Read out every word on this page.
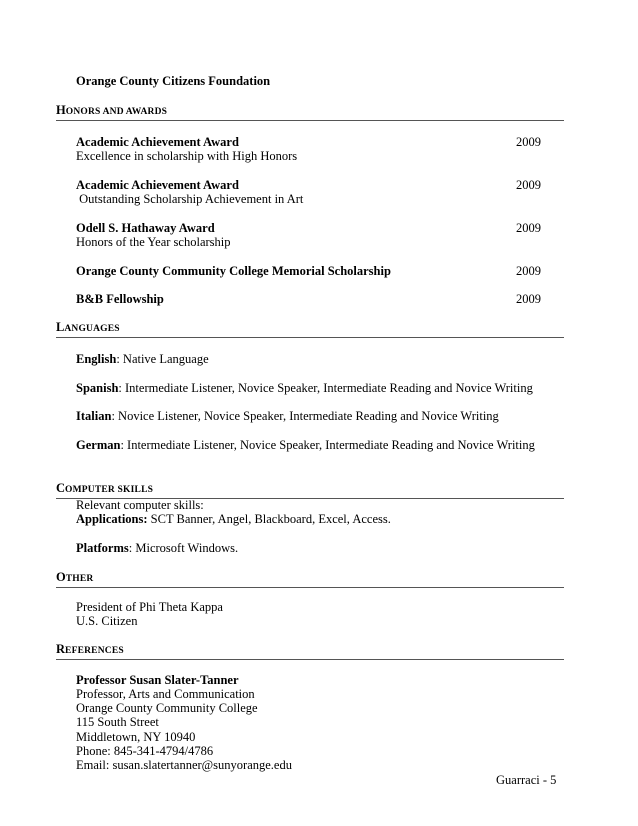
Orange County Citizens Foundation
HONORS AND AWARDS
Academic Achievement Award	2009
Excellence in scholarship with High Honors
Academic Achievement Award	2009
Outstanding Scholarship Achievement in Art
Odell S. Hathaway Award	2009
Honors of the Year scholarship
Orange County Community College Memorial Scholarship	2009
B&B Fellowship	2009
LANGUAGES
English: Native Language
Spanish: Intermediate Listener, Novice Speaker, Intermediate Reading and Novice Writing
Italian: Novice Listener, Novice Speaker, Intermediate Reading and Novice Writing
German: Intermediate Listener, Novice Speaker, Intermediate Reading and Novice Writing
COMPUTER SKILLS
Relevant computer skills:
Applications: SCT Banner, Angel, Blackboard, Excel, Access.
Platforms: Microsoft Windows.
OTHER
President of Phi Theta Kappa
U.S. Citizen
REFERENCES
Professor Susan Slater-Tanner
Professor, Arts and Communication
Orange County Community College
115 South Street
Middletown, NY 10940
Phone: 845-341-4794/4786
Email: susan.slatertanner@sunyorange.edu
Guarraci - 5
